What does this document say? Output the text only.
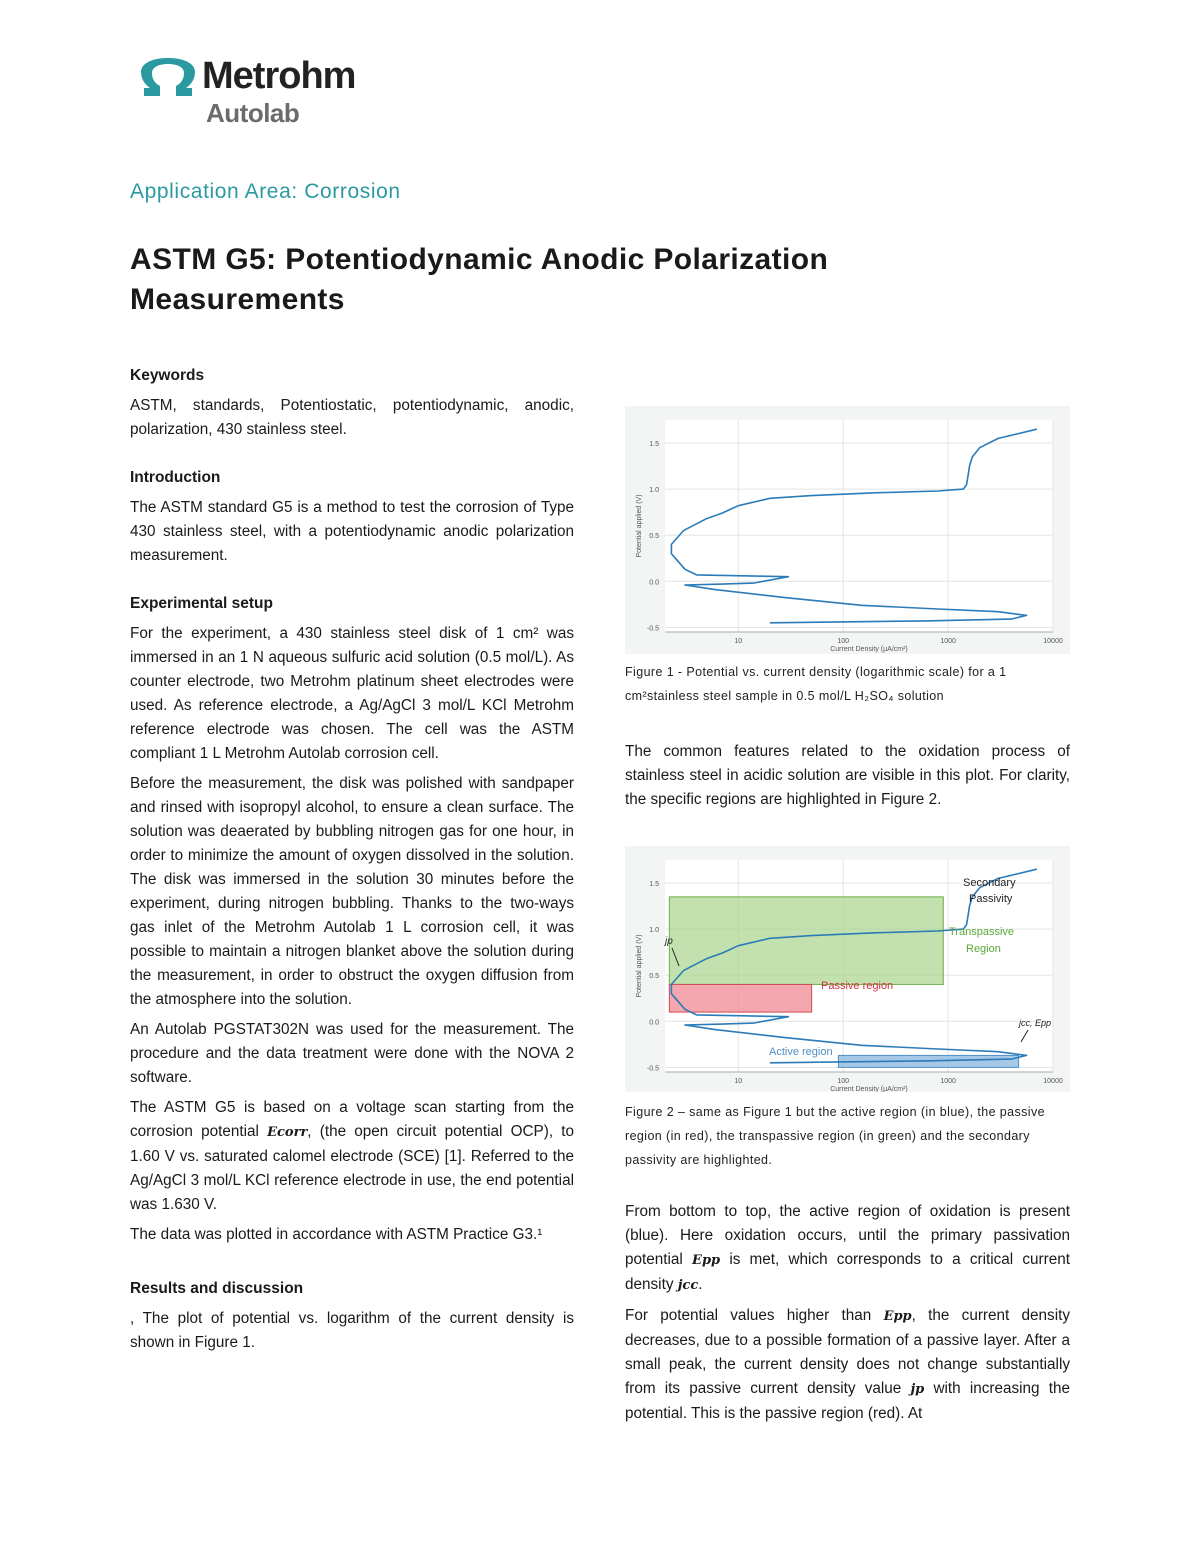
Metrohm
Autolab
Application Area: Corrosion
ASTM G5: Potentiodynamic Anodic Polarization Measurements
Keywords

ASTM, standards, Potentiostatic, potentiodynamic, anodic, polarization, 430 stainless steel.

Introduction

The ASTM standard G5 is a method to test the corrosion of Type 430 stainless steel, with a potentiodynamic anodic polarization measurement.

Experimental setup

For the experiment, a 430 stainless steel disk of 1 cm² was immersed in an 1 N aqueous sulfuric acid solution (0.5 mol/L). As counter electrode, two Metrohm platinum sheet electrodes were used. As reference electrode, a Ag/AgCl 3 mol/L KCl Metrohm reference electrode was chosen. The cell was the ASTM compliant 1 L Metrohm Autolab corrosion cell.

Before the measurement, the disk was polished with sandpaper and rinsed with isopropyl alcohol, to ensure a clean surface. The solution was deaerated by bubbling nitrogen gas for one hour, in order to minimize the amount of oxygen dissolved in the solution. The disk was immersed in the solution 30 minutes before the experiment, during nitrogen bubbling. Thanks to the two-ways gas inlet of the Metrohm Autolab 1 L corrosion cell, it was possible to maintain a nitrogen blanket above the solution during the measurement, in order to obstruct the oxygen diffusion from the atmosphere into the solution.

An Autolab PGSTAT302N was used for the measurement. The procedure and the data treatment were done with the NOVA 2 software.

The ASTM G5 is based on a voltage scan starting from the corrosion potential Ecorr, (the open circuit potential OCP), to 1.60 V vs. saturated calomel electrode (SCE) [1]. Referred to the Ag/AgCl 3 mol/L KCl reference electrode in use, the end potential was 1.630 V.

The data was plotted in accordance with ASTM Practice G3.¹

Results and discussion

, The plot of potential vs. logarithm of the current density is shown in Figure 1.

-0.5
0.0
0.5
1.0
1.5
10	100	1000	10000
Current Density (μA/cm²)
Potential applied (V)
Figure 1 - Potential vs. current density (logarithmic scale) for a 1 cm²stainless steel sample in 0.5 mol/L H₂SO₄ solution

The common features related to the oxidation process of stainless steel in acidic solution are visible in this plot. For clarity, the specific regions are highlighted in Figure 2.

-0.5
0.0
0.5
1.0
1.5
10	100	1000	10000
Current Density (μA/cm²)
Potential applied (V)
Secondary
Passivity
Transpassive
Region
Passive region
Active region
jp
jcc, Epp
Figure 2 – same as Figure 1 but the active region (in blue), the passive region (in red), the transpassive region (in green) and the secondary passivity are highlighted.

From bottom to top, the active region of oxidation is present (blue). Here oxidation occurs, until the primary passivation potential Epp is met, which corresponds to a critical current density jcc.

For potential values higher than Epp, the current density decreases, due to a possible formation of a passive layer. After a small peak, the current density does not change substantially from its passive current density value jp with increasing the potential. This is the passive region (red). At
